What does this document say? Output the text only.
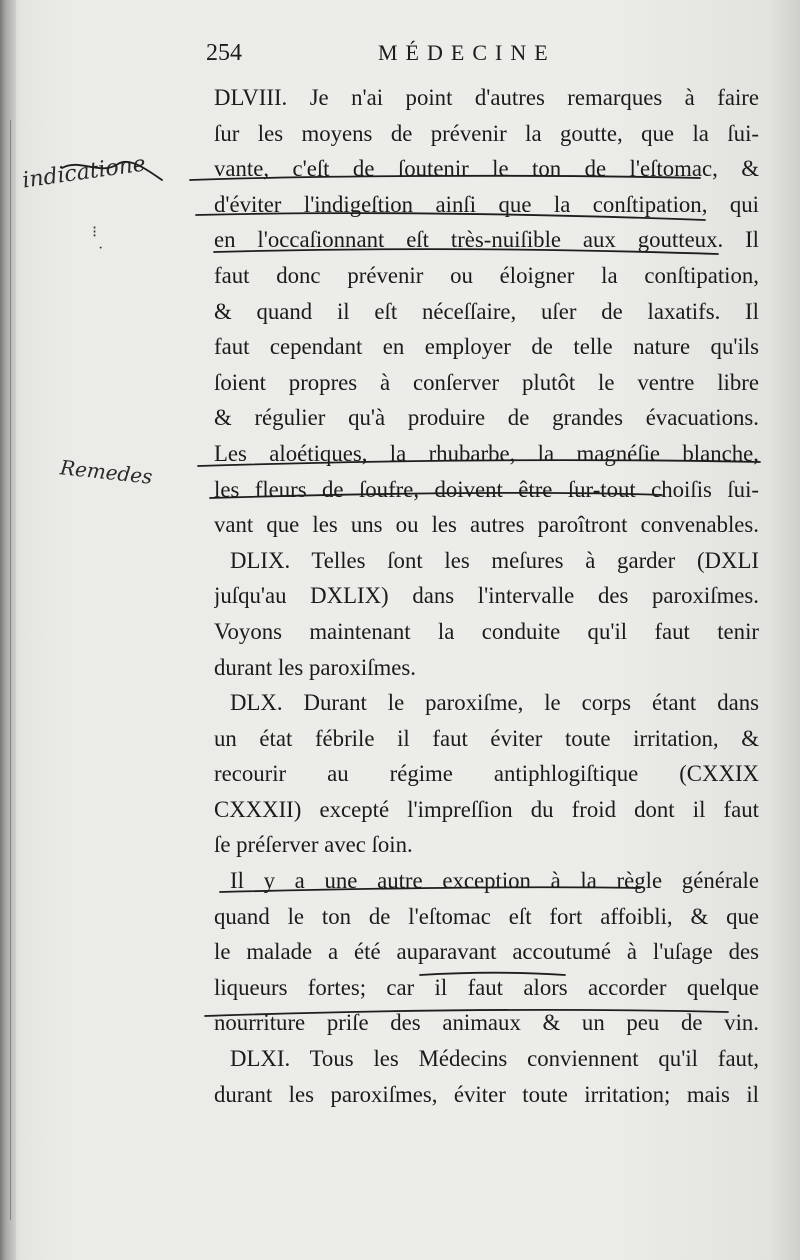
254	MÉDECINE
indicatione
Remedes
⁝
·
DLVIII. Je n'ai point d'autres remarques à faire
ſur les moyens de prévenir la goutte, que la ſui-
vante, c'eſt de ſoutenir le ton de l'eſtomac, &
d'éviter l'indigeſtion ainſi que la conſtipation, qui
en l'occaſionnant eſt très-nuiſible aux goutteux. Il
faut donc prévenir ou éloigner la conſtipation,
& quand il eſt néceſſaire, uſer de laxatifs. Il
faut cependant en employer de telle nature qu'ils
ſoient propres à conſerver plutôt le ventre libre
& régulier qu'à produire de grandes évacuations.
Les aloétiques, la rhubarbe, la magnéſie blanche,
les fleurs de ſoufre, doivent être ſur-tout choiſis ſui-
vant que les uns ou les autres paroîtront convenables.
DLIX. Telles ſont les meſures à garder (DXLI
juſqu'au DXLIX) dans l'intervalle des paroxiſmes.
Voyons maintenant la conduite qu'il faut tenir
durant les paroxiſmes.
DLX. Durant le paroxiſme, le corps étant dans
un état fébrile il faut éviter toute irritation, &
recourir au régime antiphlogiſtique (CXXIX
CXXXII) excepté l'impreſſion du froid dont il faut
ſe préſerver avec ſoin.
Il y a une autre exception à la règle générale
quand le ton de l'eſtomac eſt fort affoibli, & que
le malade a été auparavant accoutumé à l'uſage des
liqueurs fortes; car il faut alors accorder quelque
nourriture priſe des animaux & un peu de vin.
DLXI. Tous les Médecins conviennent qu'il faut,
durant les paroxiſmes, éviter toute irritation; mais il
